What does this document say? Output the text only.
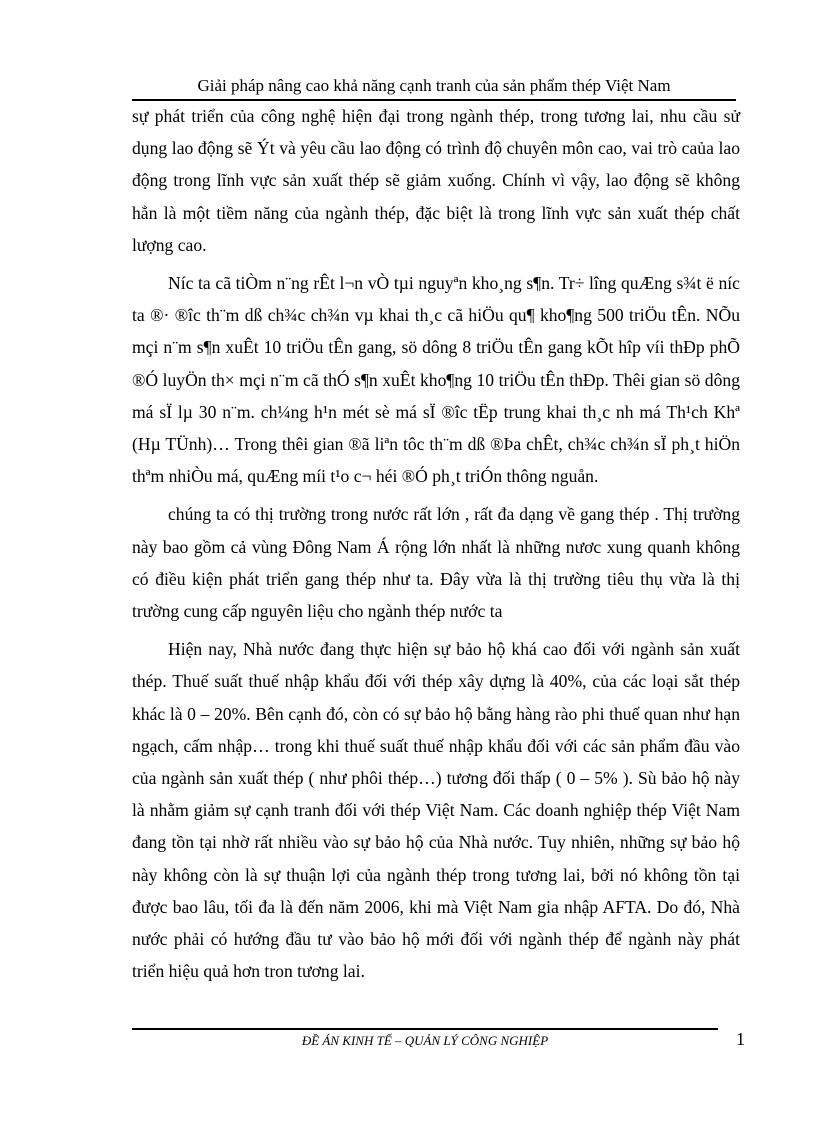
Giải pháp nâng cao khả năng cạnh tranh của sản phẩm thép Việt Nam

sự phát triển của công nghệ hiện đại trong ngành thép, trong tương lai, nhu cầu sử dụng lao động sẽ Ýt và yêu cầu lao động có trình độ chuyên môn cao, vai trò caủa lao động trong lĩnh vực sản xuất thép sẽ giảm xuống. Chính vì vậy, lao động sẽ không hẳn là một tiềm năng của ngành thép, đặc biệt là trong lĩnh vực sản xuất thép chất lượng cao.

Níc ta cã tiÒm n¨ng rÊt l¬n vÒ tµi nguyªn kho¸ng s¶n. Tr÷ lîng quÆng s¾t ë níc ta ®· ®îc th¨m dß ch¾c ch¾n vµ khai th¸c cã hiÖu qu¶ kho¶ng 500 triÖu tÊn. NÕu mçi n¨m s¶n xuÊt 10 triÖu tÊn gang, sö dông 8 triÖu tÊn gang kÕt hîp víi thÐp phÕ ®Ó luyÖn th× mçi n¨m cã thÓ s¶n xuÊt kho¶ng 10 triÖu tÊn thÐp. Thêi gian sö dông má sÏ lµ 30 n¨m. ch¼ng h¹n mét sè má sÏ ®îc tËp trung khai th¸c nh má Th¹ch Khª (Hµ TÜnh)… Trong thêi gian ®ã liªn tôc th¨m dß ®Þa chÊt, ch¾c ch¾n sÏ ph¸t hiÖn thªm nhiÒu má, quÆng míi t¹o c¬ héi ®Ó ph¸t triÓn thông nguån.

chúng ta có thị trường trong nước rất lớn , rất đa dạng về gang thép . Thị trường này bao gồm cả vùng Đông Nam Á rộng lớn nhất là những nươc xung quanh không có điều kiện phát triển gang thép như ta. Đây vừa là thị trường tiêu thụ vừa là thị trường cung cấp nguyên liệu cho ngành thép nước ta

Hiện nay, Nhà nước đang thực hiện sự bảo hộ khá cao đối với ngành sản xuất thép. Thuế suất thuế nhập khẩu đối với thép xây dựng là 40%, của các loại sắt thép khác là 0 – 20%. Bên cạnh đó, còn có sự bảo hộ bằng hàng rào phi thuế quan như hạn ngạch, cấm nhập… trong khi thuế suất thuế nhập khẩu đối với các sản phẩm đầu vào của ngành sản xuất thép ( như phôi thép…) tương đối thấp ( 0 – 5% ). Sù bảo hộ này là nhằm giảm sự cạnh tranh đối với thép Việt Nam. Các doanh nghiệp thép Việt Nam đang tồn tại nhờ rất nhiều vào sự bảo hộ của Nhà nước. Tuy nhiên, những sự bảo hộ này không còn là sự thuận lợi của ngành thép trong tương lai, bởi nó không tồn tại được bao lâu, tối đa là đến năm 2006, khi mà Việt Nam gia nhập AFTA. Do đó, Nhà nước phải có hướng đầu tư vào bảo hộ mới đối với ngành thép để ngành này phát triển hiệu quả hơn tron tương lai.

ĐỀ ÁN KINH TẾ – QUẢN LÝ CÔNG NGHIỆP	1
